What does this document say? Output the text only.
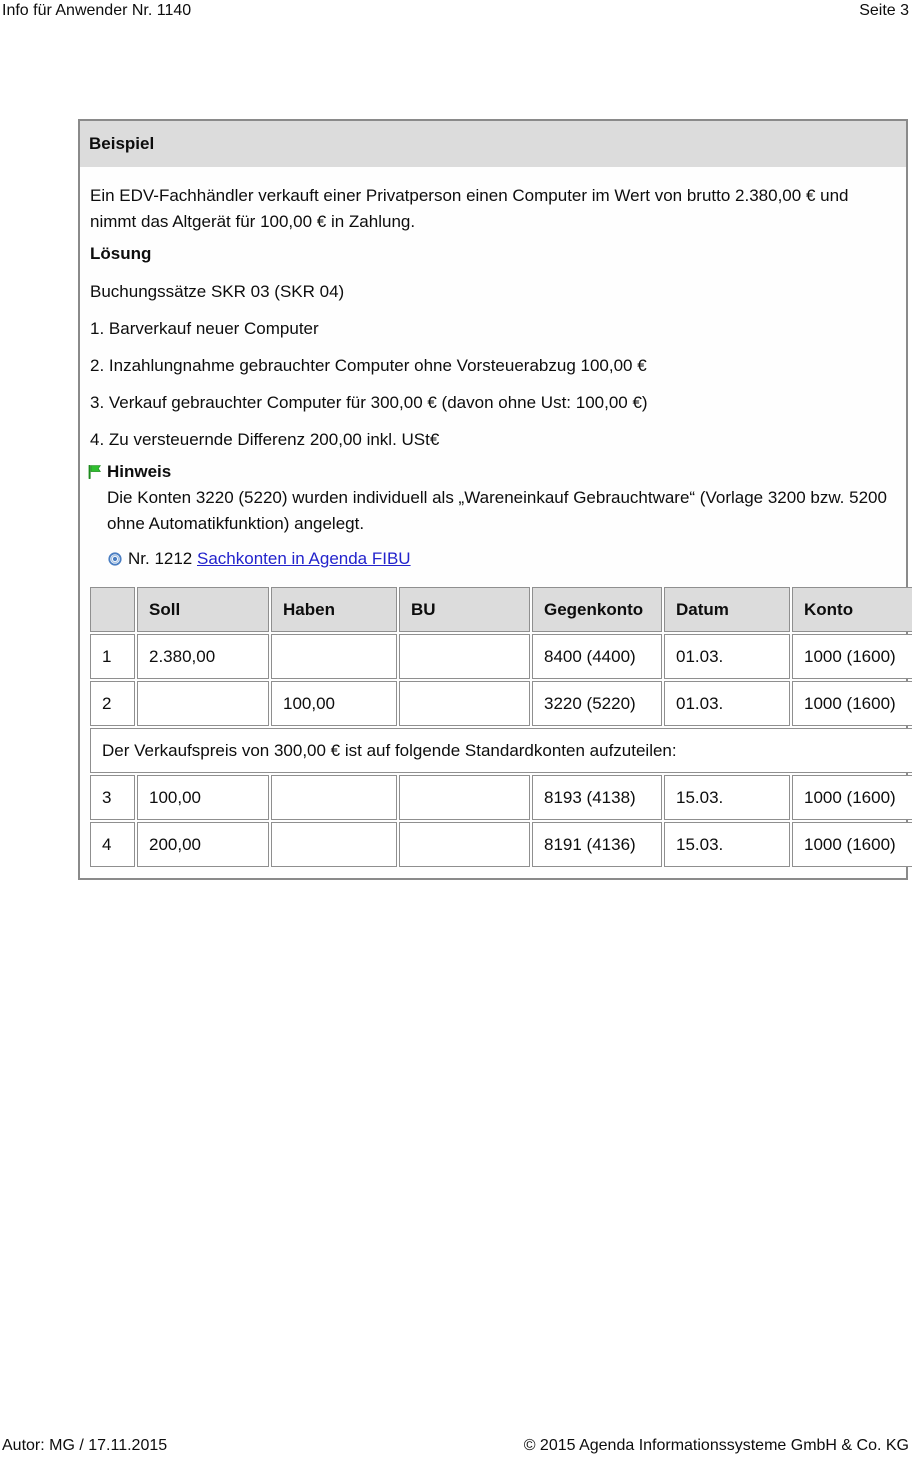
Info für Anwender Nr. 1140	Seite 3
Beispiel

Ein EDV-Fachhändler verkauft einer Privatperson einen Computer im Wert von brutto 2.380,00 € und nimmt das Altgerät für 100,00 € in Zahlung.

Lösung
Buchungssätze SKR 03 (SKR 04)
1. Barverkauf neuer Computer
2. Inzahlungnahme gebrauchter Computer ohne Vorsteuerabzug 100,00 €
3. Verkauf gebrauchter Computer für 300,00 € (davon ohne Ust: 100,00 €)
4. Zu versteuernde Differenz 200,00 inkl. USt€
Hinweis
Die Konten 3220 (5220) wurden individuell als „Wareneinkauf Gebrauchtware“ (Vorlage 3200 bzw. 5200 ohne Automatikfunktion) angelegt.
Nr. 1212 Sachkonten in Agenda FIBU
	Soll	Haben	BU	Gegenkonto	Datum	Konto
1	2.380,00			8400 (4400)	01.03.	1000 (1600)
2		100,00		3220 (5220)	01.03.	1000 (1600)
Der Verkaufspreis von 300,00 € ist auf folgende Standardkonten aufzuteilen:						
3	100,00			8193 (4138)	15.03.	1000 (1600)
4	200,00			8191 (4136)	15.03.	1000 (1600)
Autor: MG / 17.11.2015	© 2015 Agenda Informationssysteme GmbH & Co. KG
